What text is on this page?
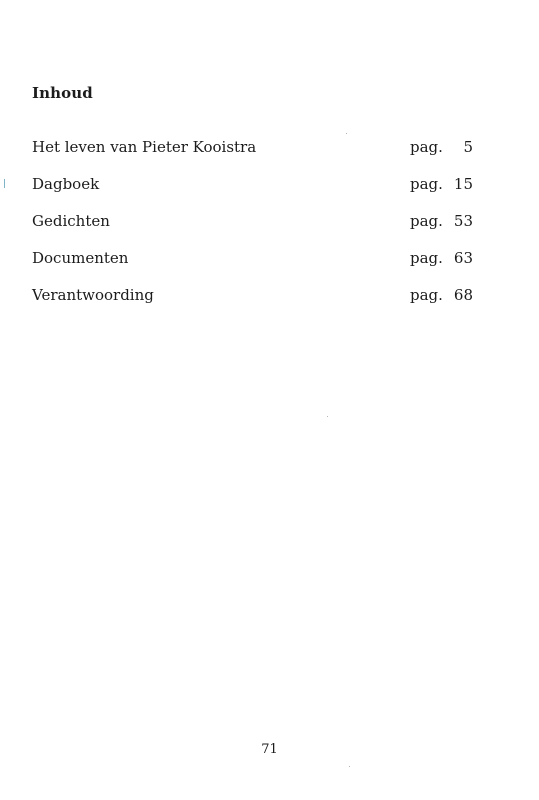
Inhoud
Het leven van Pieter Kooistra	pag. 5
Dagboek	pag. 15
Gedichten	pag. 53
Documenten	pag. 63
Verantwoording	pag. 68
71
